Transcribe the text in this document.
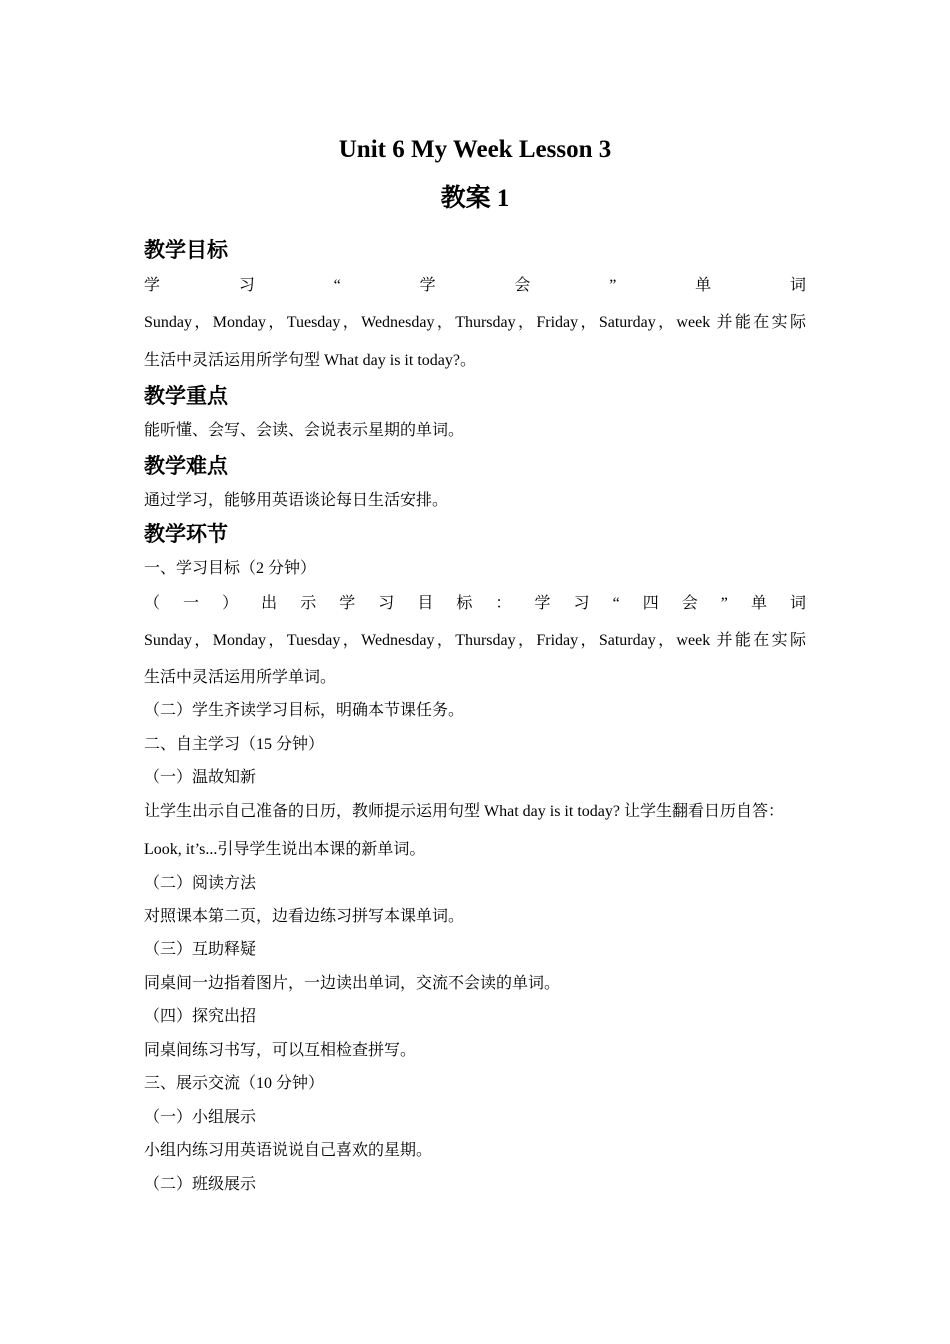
Unit 6 My Week Lesson 3
教案 1
教学目标
学	习	“	学	会	”	单	词
Sunday，Monday，Tuesday，Wednesday，Thursday，Friday，Saturday，week 并能在实际
生活中灵活运用所学句型 What day is it today?。
教学重点
能听懂、会写、会读、会说表示星期的单词。
教学难点
通过学习，能够用英语谈论每日生活安排。
教学环节
一、学习目标（2 分钟）
（ 一 ） 出 示 学 习 目 标 ： 学 习 “ 四 会 ” 单 词
Sunday，Monday，Tuesday，Wednesday，Thursday，Friday，Saturday，week 并能在实际
生活中灵活运用所学单词。
（二）学生齐读学习目标，明确本节课任务。
二、自主学习（15 分钟）
（一）温故知新
让学生出示自己准备的日历，教师提示运用句型 What day is it today? 让学生翻看日历自答：
Look, it’s...引导学生说出本课的新单词。
（二）阅读方法
对照课本第二页，边看边练习拼写本课单词。
（三）互助释疑
同桌间一边指着图片，一边读出单词，交流不会读的单词。
（四）探究出招
同桌间练习书写，可以互相检查拼写。
三、展示交流（10 分钟）
（一）小组展示
小组内练习用英语说说自己喜欢的星期。
（二）班级展示
